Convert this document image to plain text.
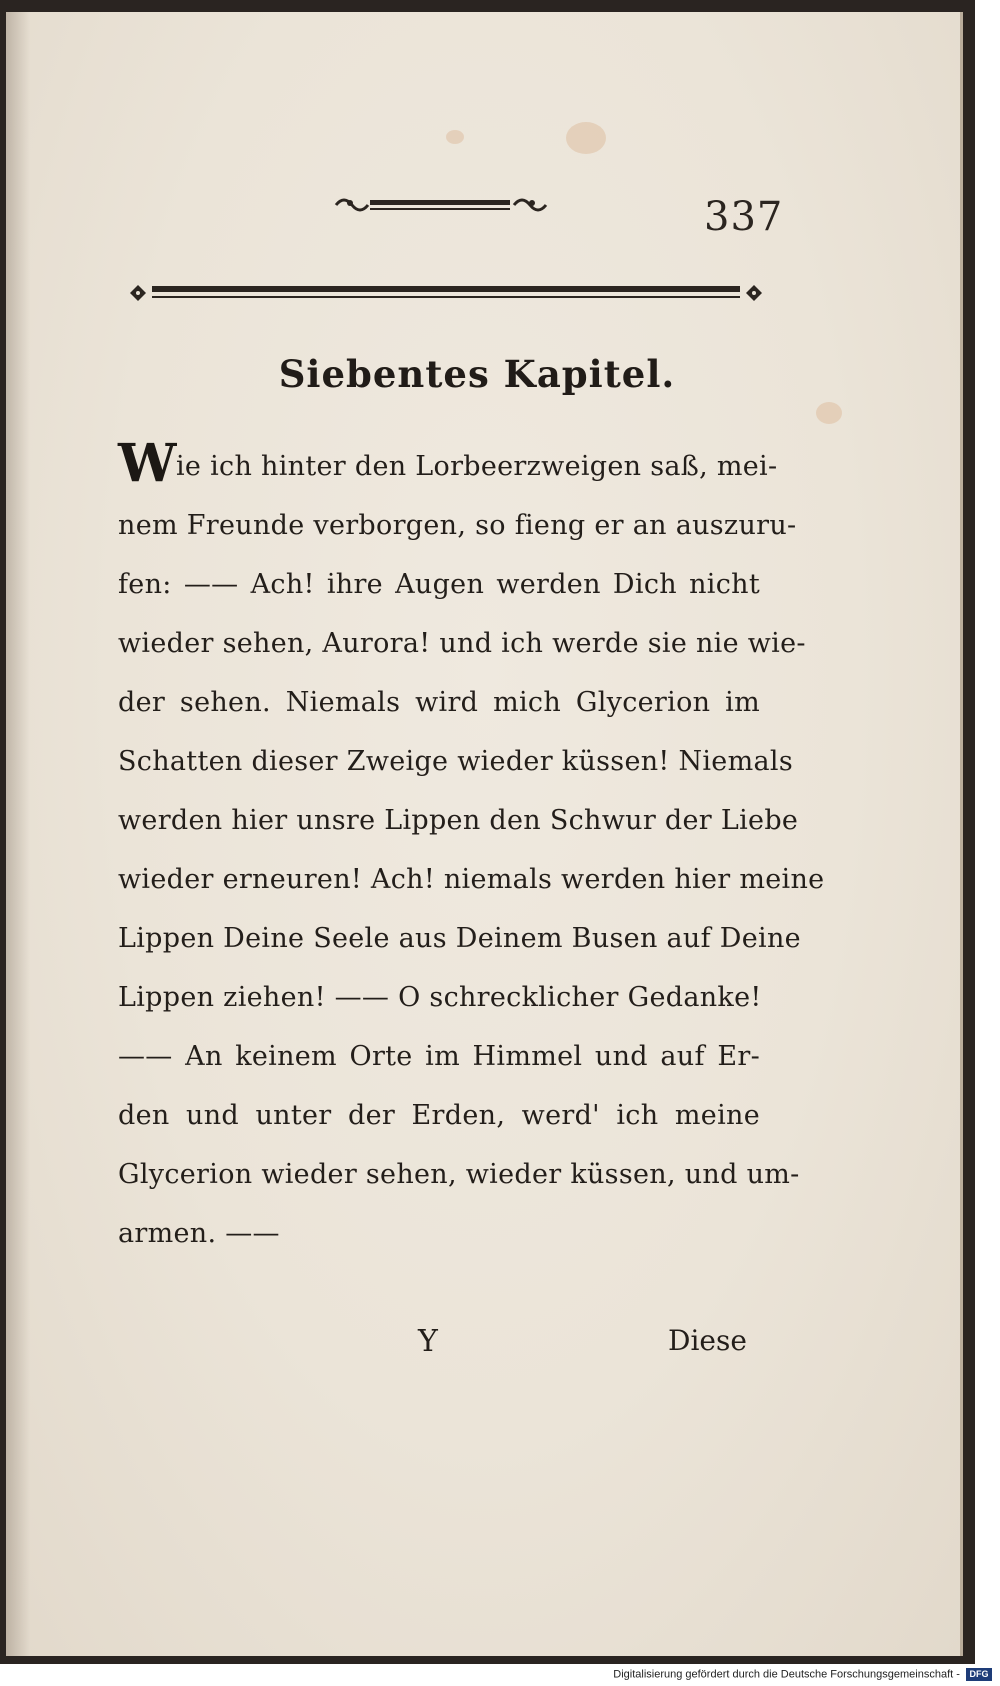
337
Siebentes Kapitel.
W ie ich hinter den Lorbeerzweigen saß, mei-
nem Freunde verborgen, so fieng er an auszuru-
fen: —— Ach! ihre Augen werden Dich nicht
wieder sehen, Aurora! und ich werde sie nie wie-
der sehen. Niemals wird mich Glycerion im
Schatten dieser Zweige wieder küssen! Niemals
werden hier unsre Lippen den Schwur der Liebe
wieder erneuren! Ach! niemals werden hier meine
Lippen Deine Seele aus Deinem Busen auf Deine
Lippen ziehen! —— O schrecklicher Gedanke!
—— An keinem Orte im Himmel und auf Er-
den und unter der Erden, werd' ich meine
Glycerion wieder sehen, wieder küssen, und um-
armen. ——
Y	Diese
Digitalisierung gefördert durch die Deutsche Forschungsgemeinschaft - DFG
